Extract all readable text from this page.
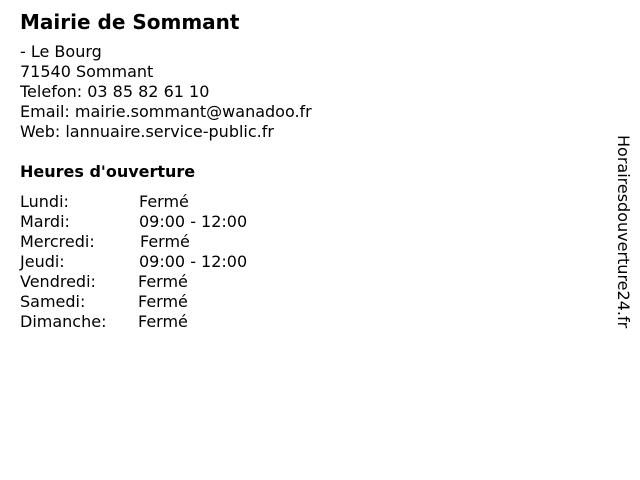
Mairie de Sommant
- Le Bourg
71540 Sommant
Telefon: 03 85 82 61 10
Email: mairie.sommant@wanadoo.fr
Web: lannuaire.service-public.fr
Heures d'ouverture
Lundi:	Fermé
Mardi:	09:00 - 12:00
Mercredi:	Fermé
Jeudi:	09:00 - 12:00
Vendredi:	Fermé
Samedi:	Fermé
Dimanche: Fermé	Horairesdouverture24.fr
